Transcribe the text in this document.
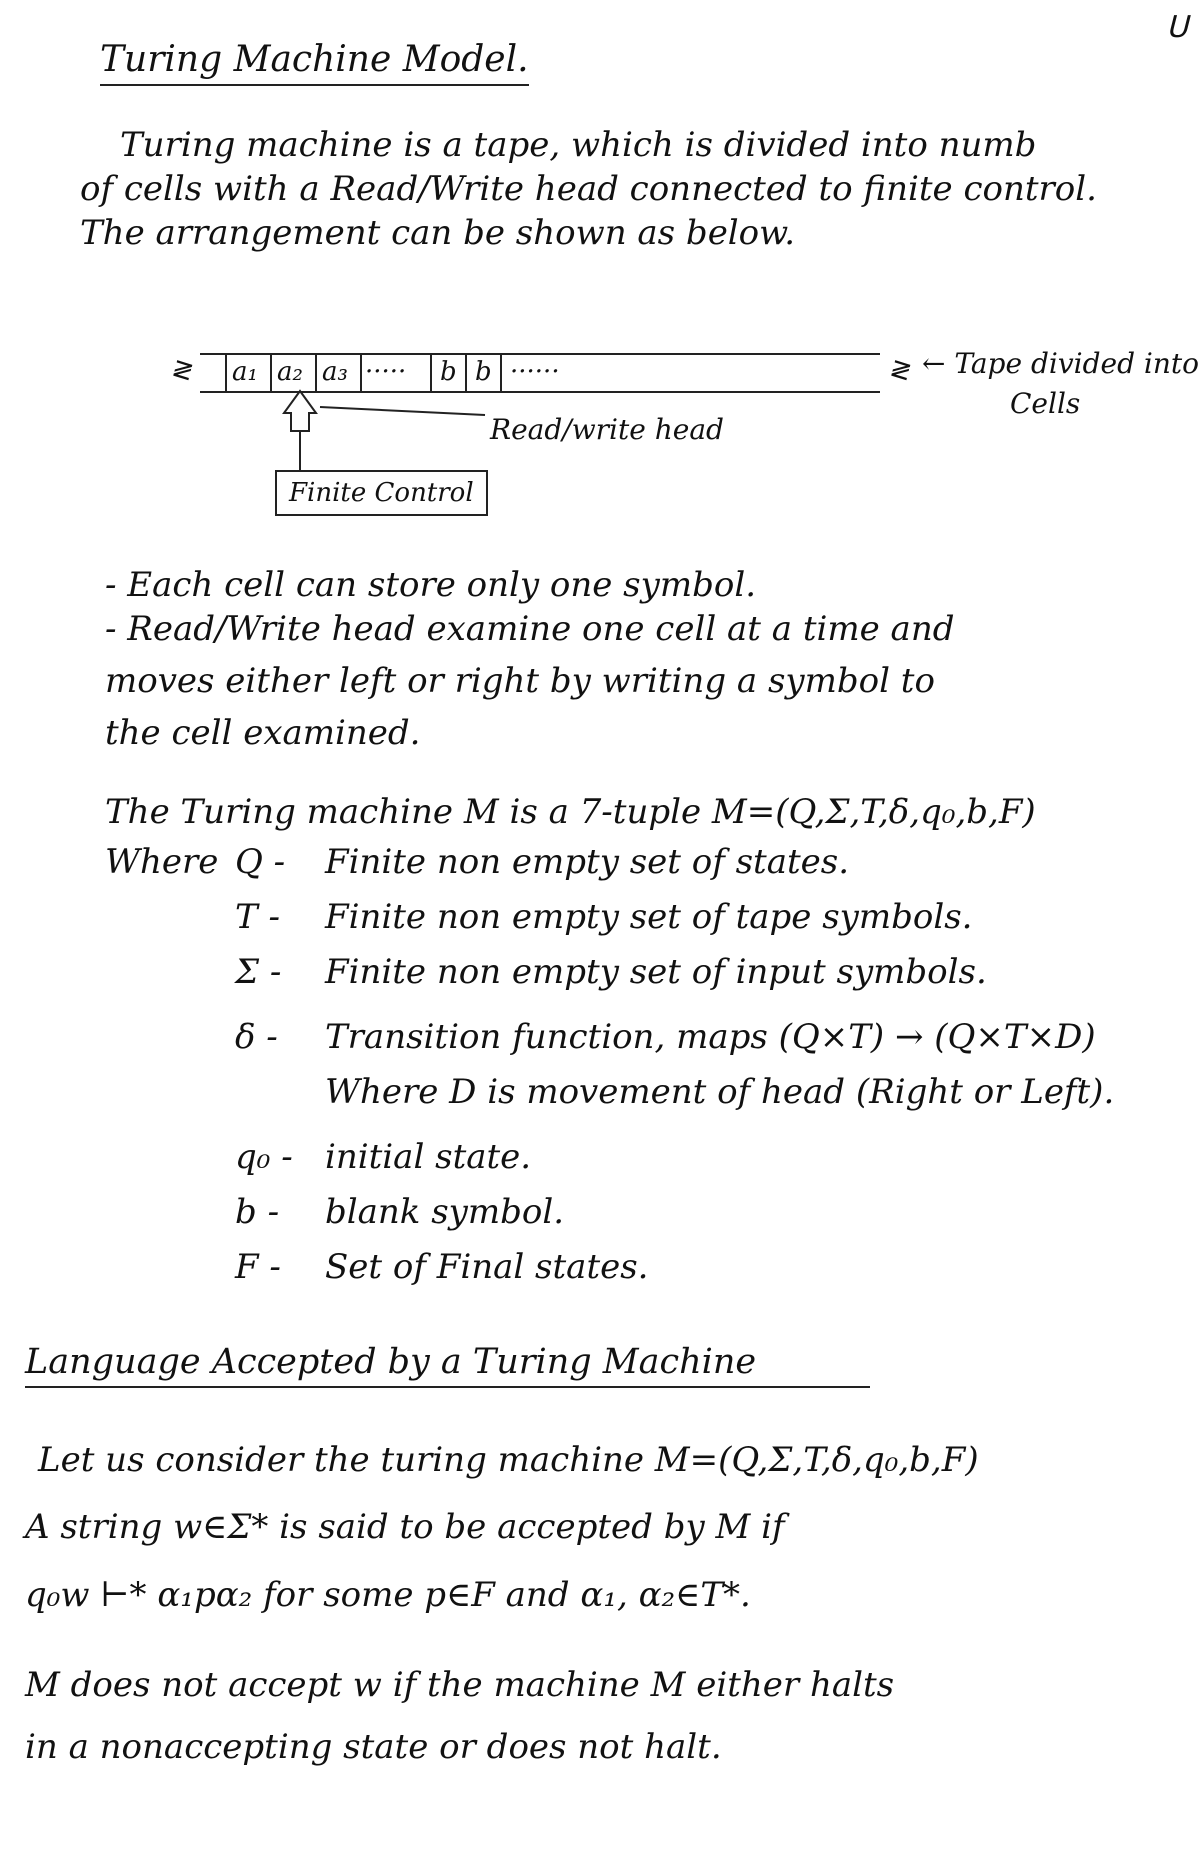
ᑌ
Turing Machine Model.
Turing machine is a tape, which is divided into numb
of cells with a Read/Write head connected to finite control.
The arrangement can be shown as below.
≷ a₁ a₂ a₃ ····· b b ······	≷ ← Tape divided into
Cells
Read/write head
Finite Control
- Each cell can store only one symbol.
- Read/Write head examine one cell at a time and
moves either left or right by writing a symbol to
the cell examined.
The Turing machine M is a 7-tuple M=(Q,Σ,T,δ,q₀,b,F)
Where Q - Finite non empty set of states.
T - Finite non empty set of tape symbols.
Σ - Finite non empty set of input symbols.
δ - Transition function, maps (Q×T) → (Q×T×D)
Where D is movement of head (Right or Left).
q₀ - initial state.
b - blank symbol.
F - Set of Final states.
Language Accepted by a Turing Machine
Let us consider the turing machine M=(Q,Σ,T,δ,q₀,b,F)
A string w∈Σ* is said to be accepted by M if
q₀w ⊢* α₁pα₂ for some p∈F and α₁, α₂∈T*.
M does not accept w if the machine M either halts
in a nonaccepting state or does not halt.
